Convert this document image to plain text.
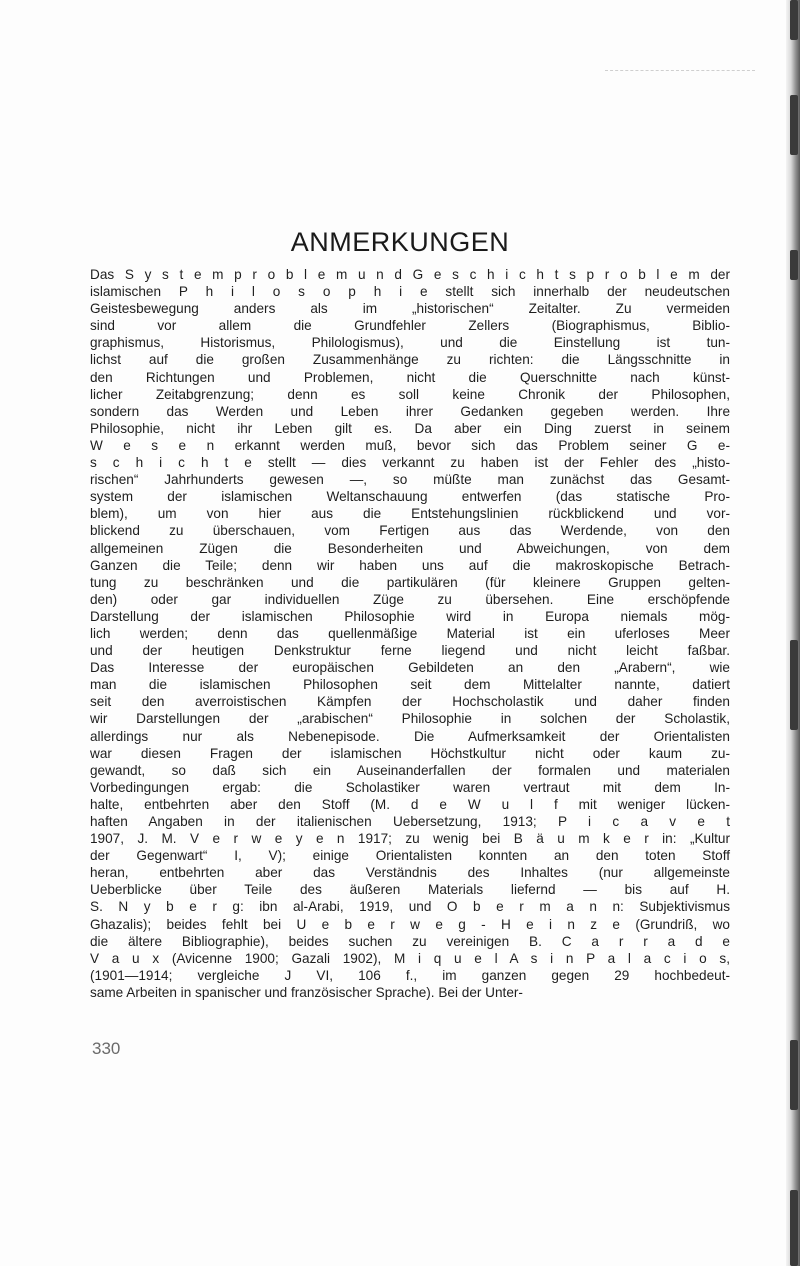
ANMERKUNGEN
Das S y s t e m p r o b l e m u n d G e s c h i c h t s p r o b l e m der
islamischen P h i l o s o p h i e stellt sich innerhalb der neudeutschen
Geistesbewegung anders als im „historischen“ Zeitalter. Zu vermeiden
sind vor allem die Grundfehler Zellers (Biographismus, Biblio-
graphismus, Historismus, Philologismus), und die Einstellung ist tun-
lichst auf die großen Zusammenhänge zu richten: die Längsschnitte in
den Richtungen und Problemen, nicht die Querschnitte nach künst-
licher Zeitabgrenzung; denn es soll keine Chronik der Philosophen,
sondern das Werden und Leben ihrer Gedanken gegeben werden. Ihre
Philosophie, nicht ihr Leben gilt es. Da aber ein Ding zuerst in seinem
W e s e n erkannt werden muß, bevor sich das Problem seiner G e-
s c h i c h t e stellt — dies verkannt zu haben ist der Fehler des „histo-
rischen“ Jahrhunderts gewesen —, so müßte man zunächst das Gesamt-
system der islamischen Weltanschauung entwerfen (das statische Pro-
blem), um von hier aus die Entstehungslinien rückblickend und vor-
blickend zu überschauen, vom Fertigen aus das Werdende, von den
allgemeinen Zügen die Besonderheiten und Abweichungen, von dem
Ganzen die Teile; denn wir haben uns auf die makroskopische Betrach-
tung zu beschränken und die partikulären (für kleinere Gruppen gelten-
den) oder gar individuellen Züge zu übersehen. Eine erschöpfende
Darstellung der islamischen Philosophie wird in Europa niemals mög-
lich werden; denn das quellenmäßige Material ist ein uferloses Meer
und der heutigen Denkstruktur ferne liegend und nicht leicht faßbar.
Das Interesse der europäischen Gebildeten an den „Arabern“, wie
man die islamischen Philosophen seit dem Mittelalter nannte, datiert
seit den averroistischen Kämpfen der Hochscholastik und daher finden
wir Darstellungen der „arabischen“ Philosophie in solchen der Scholastik,
allerdings nur als Nebenepisode. Die Aufmerksamkeit der Orientalisten
war diesen Fragen der islamischen Höchstkultur nicht oder kaum zu-
gewandt, so daß sich ein Auseinanderfallen der formalen und materialen
Vorbedingungen ergab: die Scholastiker waren vertraut mit dem In-
halte, entbehrten aber den Stoff (M. d e W u l f mit weniger lücken-
haften Angaben in der italienischen Uebersetzung, 1913; P i c a v e t
1907, J. M. V e r w e y e n 1917; zu wenig bei B ä u m k e r in: „Kultur
der Gegenwart“ I, V); einige Orientalisten konnten an den toten Stoff
heran, entbehrten aber das Verständnis des Inhaltes (nur allgemeinste
Ueberblicke über Teile des äußeren Materials liefernd — bis auf H.
S. N y b e r g: ibn al-Arabi, 1919, und O b e r m a n n: Subjektivismus
Ghazalis); beides fehlt bei U e b e r w e g - H e i n z e (Grundriß, wo
die ältere Bibliographie), beides suchen zu vereinigen B. C a r r a d e
V a u x (Avicenne 1900; Gazali 1902), M i q u e l A s i n P a l a c i o s,
(1901—1914; vergleiche J VI, 106 f., im ganzen gegen 29 hochbedeut-
same Arbeiten in spanischer und französischer Sprache). Bei der Unter-

330
